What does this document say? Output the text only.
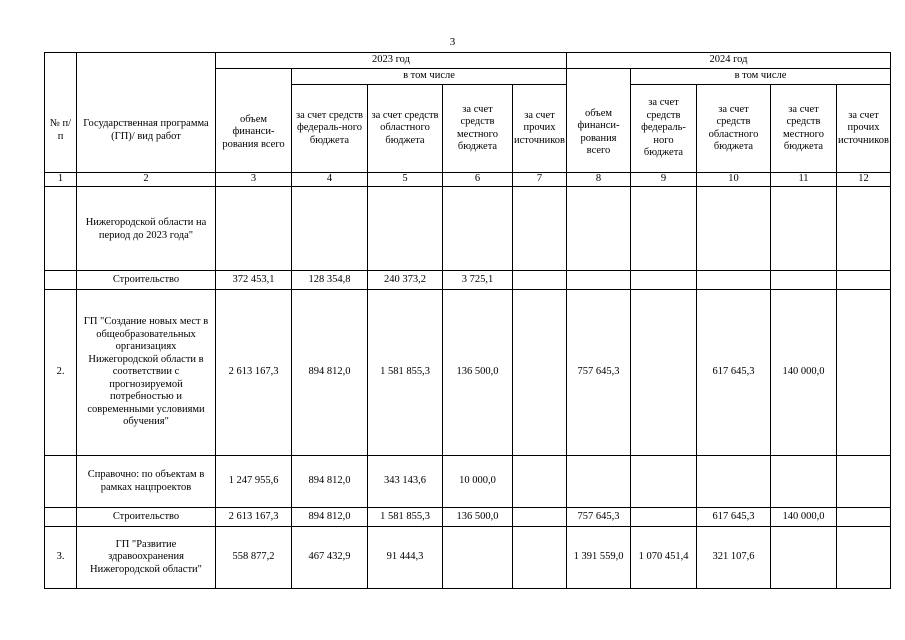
3
№ п/п	Государственная программа (ГП)/ вид работ	2023 год					2024 год				
		объем финанси-рования всего	в том числе				объем финанси-рования всего	в том числе			
			за счет средств федераль-ного бюджета	за счет средств областного бюджета	за счет средств местного бюджета	за счет прочих источников		за счет средств федераль-ного бюджета	за счет средств областного бюджета	за счет средств местного бюджета	за счет прочих источников
1	2	3	4	5	6	7	8	9	10	11	12
	Нижегородской области на период до 2023 года"										
	Строительство	372 453,1	128 354,8	240 373,2	3 725,1						
2.	ГП "Создание новых мест в общеобразовательных организациях Нижегородской области в соответствии с прогнозируемой потребностью и современными условиями обучения"	2 613 167,3	894 812,0	1 581 855,3	136 500,0		757 645,3		617 645,3	140 000,0	
	Справочно: по объектам в рамках нацпроектов	1 247 955,6	894 812,0	343 143,6	10 000,0						
	Строительство	2 613 167,3	894 812,0	1 581 855,3	136 500,0		757 645,3		617 645,3	140 000,0	
3.	ГП "Развитие здравоохранения Нижегородской области"	558 877,2	467 432,9	91 444,3			1 391 559,0	1 070 451,4	321 107,6		
